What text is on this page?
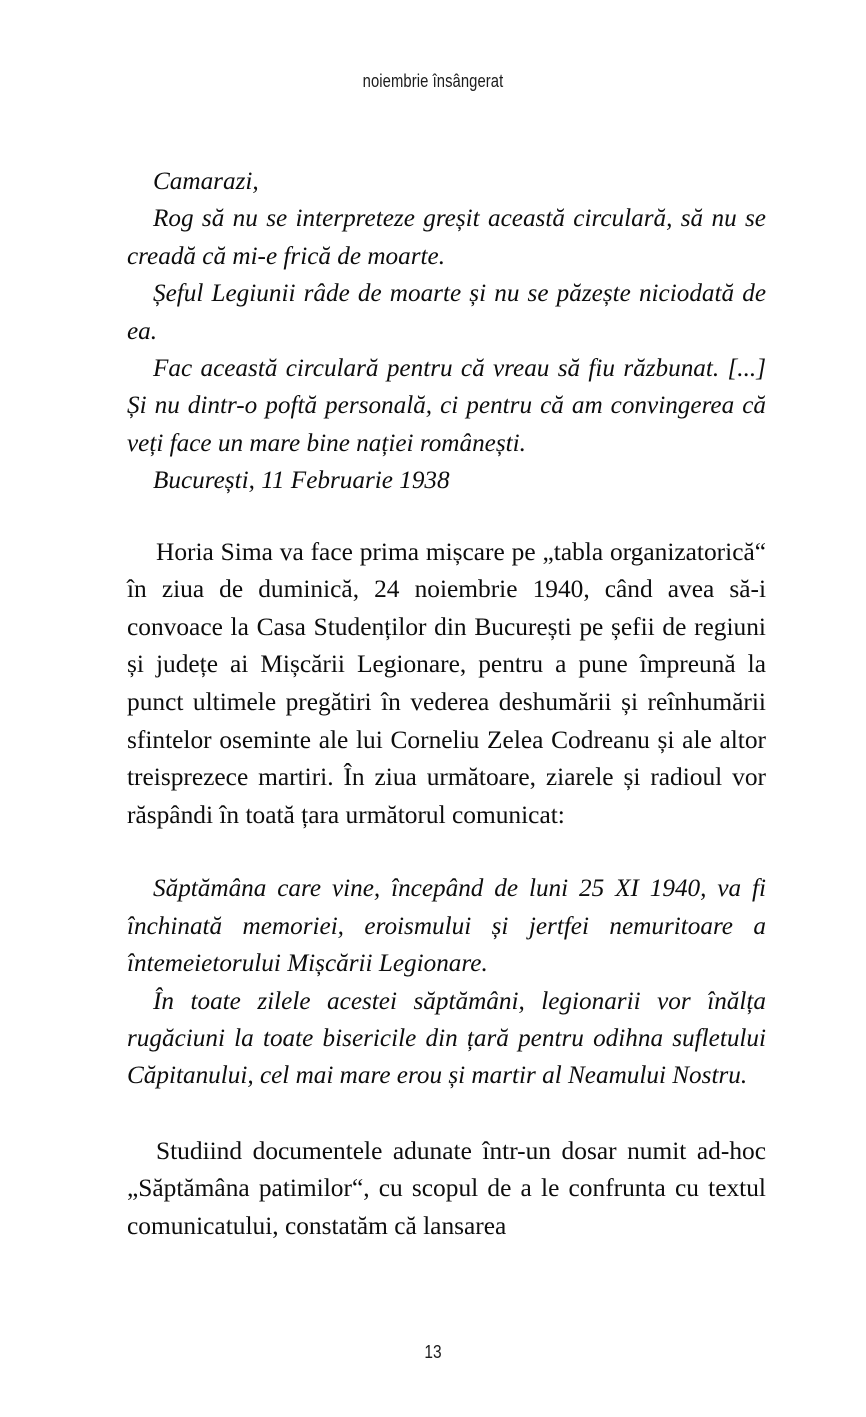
noiembrie însângerat

Camarazi,

Rog să nu se interpreteze greșit această circulară, să nu se creadă că mi-e frică de moarte.

Șeful Legiunii râde de moarte și nu se păzește niciodată de ea.

Fac această circulară pentru că vreau să fiu răzbunat. [...] Și nu dintr-o poftă personală, ci pentru că am convingerea că veți face un mare bine nației românești.

București, 11 Februarie 1938

Horia Sima va face prima mișcare pe „tabla organizatorică“ în ziua de duminică, 24 noiembrie 1940, când avea să-i convoace la Casa Studenților din București pe șefii de regiuni și județe ai Mișcării Legionare, pentru a pune împreună la punct ultimele pregătiri în vederea deshumării și reînhumării sfintelor oseminte ale lui Corneliu Zelea Codreanu și ale altor treisprezece martiri. În ziua următoare, ziarele și radioul vor răspândi în toată țara următorul comunicat:

Săptămâna care vine, începând de luni 25 XI 1940, va fi închinată memoriei, eroismului și jertfei nemuritoare a întemeietorului Mișcării Legionare.

În toate zilele acestei săptămâni, legionarii vor înălța rugăciuni la toate bisericile din țară pentru odihna sufletului Căpitanului, cel mai mare erou și martir al Neamului Nostru.

Studiind documentele adunate într-un dosar numit ad-hoc „Săptămâna patimilor“, cu scopul de a le confrunta cu textul comunicatului, constatăm că lansarea

13
